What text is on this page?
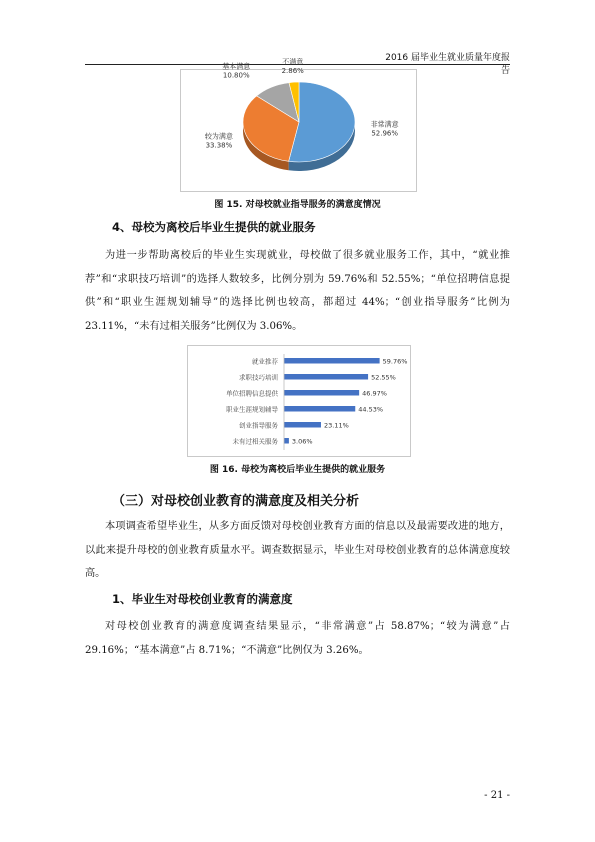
2016 届毕业生就业质量年度报告
非常满意
52.96%
较为满意
33.38%
基本满意
10.80%
不满意
2.86%
图 15. 对母校就业指导服务的满意度情况
4、母校为离校后毕业生提供的就业服务

为进一步帮助离校后的毕业生实现就业，母校做了很多就业服务工作，其中，“就业推荐”和“求职技巧培训”的选择人数较多，比例分别为 59.76%和 52.55%；“单位招聘信息提供”和“职业生涯规划辅导”的选择比例也较高，都超过 44%；“创业指导服务”比例为 23.11%，“未有过相关服务”比例仅为 3.06%。

就业推荐	59.76%
求职技巧培训	52.55%
单位招聘信息提供	46.97%
职业生涯规划辅导	44.53%
创业指导服务	23.11%
未有过相关服务 3.06%
图 16. 母校为离校后毕业生提供的就业服务
（三）对母校创业教育的满意度及相关分析

本项调查希望毕业生，从多方面反馈对母校创业教育方面的信息以及最需要改进的地方，以此来提升母校的创业教育质量水平。调查数据显示，毕业生对母校创业教育的总体满意度较高。

1、毕业生对母校创业教育的满意度

对母校创业教育的满意度调查结果显示，“非常满意”占 58.87%；“较为满意”占 29.16%；“基本满意”占 8.71%；“不满意”比例仅为 3.26%。

- 21 -
